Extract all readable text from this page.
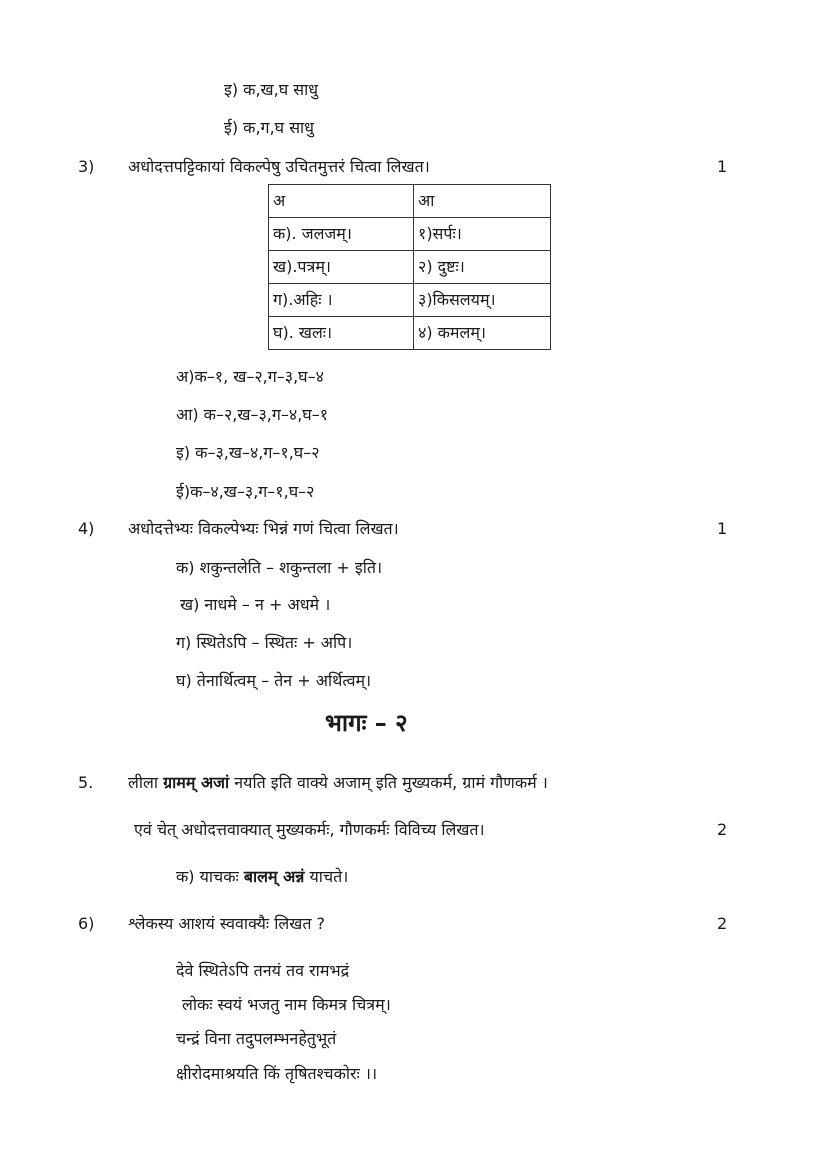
इ) क,ख,घ साधु
ई) क,ग,घ साधु
3) अधोदत्तपट्टिकायां विकल्पेषु उचितमुत्तरं चित्वा लिखत।	1
अ	आ
क). जलजम्।	१)सर्पः।
ख).पत्रम्।	२) दुष्टः।
ग).अहिः ।	३)किसलयम्।
घ). खलः।	४) कमलम्।
अ)क–१, ख–२,ग–३,घ–४
आ) क–२,ख–३,ग–४,घ–१
इ) क–३,ख–४,ग–१,घ–२
ई)क–४,ख–३,ग–१,घ–२
4) अधोदत्तेभ्यः विकल्पेभ्यः भिन्नं गणं चित्वा लिखत।	1
क) शकुन्तलेति – शकुन्तला + इति।
ख) नाधमे – न + अधमे ।
ग) स्थितेऽपि – स्थितः + अपि।
घ) तेनार्थित्वम् – तेन + अर्थित्वम्।
भागः – २
5. लीला ग्रामम् अजां नयति इति वाक्ये अजाम् इति मुख्यकर्म, ग्रामं गौणकर्म ।
एवं चेत् अधोदत्तवाक्यात् मुख्यकर्मः, गौणकर्मः विविच्य लिखत।	2
क) याचकः बालम् अन्नं याचते।
6) श्लेकस्य आशयं स्ववाक्यैः लिखत ?	2
देवे स्थितेऽपि तनयं तव रामभद्रं
लोकः स्वयं भजतु नाम किमत्र चित्रम्।
चन्द्रं विना तदुपलम्भनहेतुभूतं
क्षीरोदमाश्रयति किं तृषितश्चकोरः ।।
